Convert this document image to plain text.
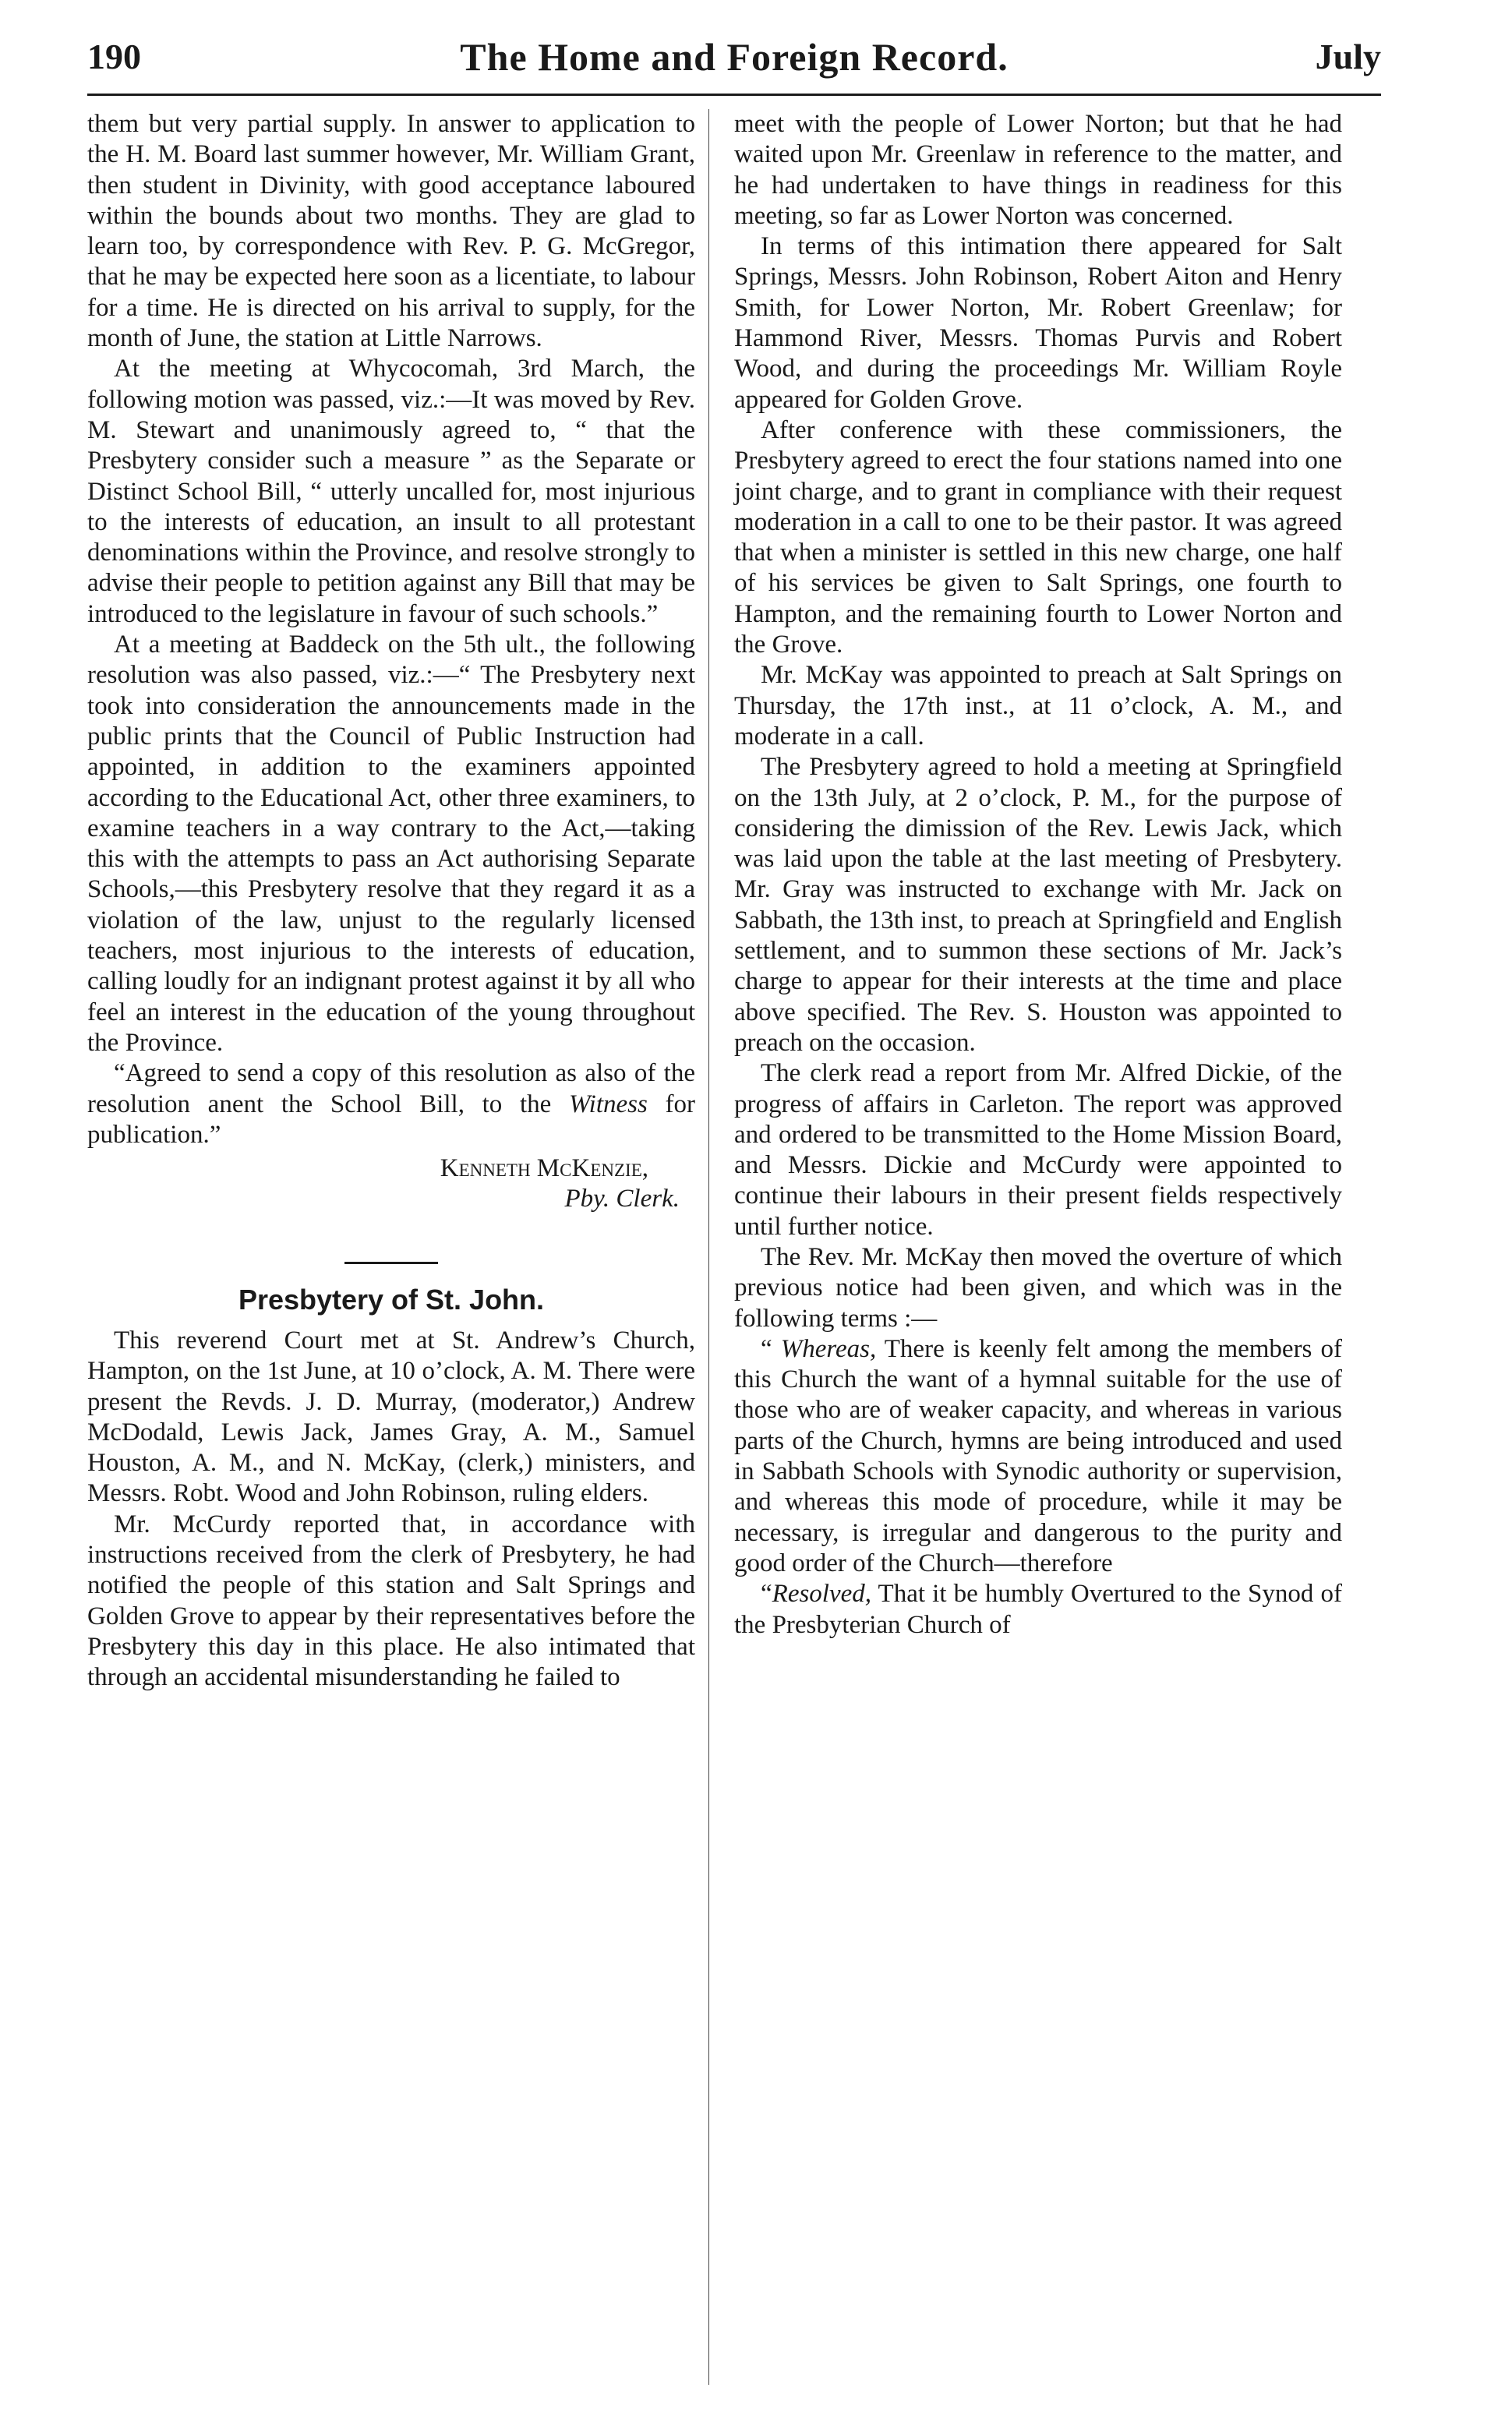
190	The Home and Foreign Record.	July

them but very partial supply. In answer to application to the H. M. Board last summer however, Mr. William Grant, then student in Divinity, with good acceptance laboured within the bounds about two months. They are glad to learn too, by correspondence with Rev. P. G. McGregor, that he may be expected here soon as a licentiate, to labour for a time. He is directed on his arrival to supply, for the month of June, the station at Little Narrows.

At the meeting at Whycocomah, 3rd March, the following motion was passed, viz.:—It was moved by Rev. M. Stewart and unanimously agreed to, “ that the Presbytery consider such a measure ” as the Separate or Distinct School Bill, “ utterly uncalled for, most injurious to the interests of education, an insult to all protestant denominations within the Province, and resolve strongly to advise their people to petition against any Bill that may be introduced to the legislature in favour of such schools.”

At a meeting at Baddeck on the 5th ult., the following resolution was also passed, viz.:—“ The Presbytery next took into consideration the announcements made in the public prints that the Council of Public Instruction had appointed, in addition to the examiners appointed according to the Educational Act, other three examiners, to examine teachers in a way contrary to the Act,—taking this with the attempts to pass an Act authorising Separate Schools,—this Presbytery resolve that they regard it as a violation of the law, unjust to the regularly licensed teachers, most injurious to the interests of education, calling loudly for an indignant protest against it by all who feel an interest in the education of the young throughout the Province.

“Agreed to send a copy of this resolution as also of the resolution anent the School Bill, to the Witness for publication.”

Kenneth McKenzie,
Pby. Clerk.
Presbytery of St. John.

This reverend Court met at St. Andrew’s Church, Hampton, on the 1st June, at 10 o’clock, A. M. There were present the Revds. J. D. Murray, (moderator,) Andrew McDodald, Lewis Jack, James Gray, A. M., Samuel Houston, A. M., and N. McKay, (clerk,) ministers, and Messrs. Robt. Wood and John Robinson, ruling elders.

Mr. McCurdy reported that, in accordance with instructions received from the clerk of Presbytery, he had notified the people of this station and Salt Springs and Golden Grove to appear by their representatives before the Presbytery this day in this place. He also intimated that through an accidental misunderstanding he failed to

meet with the people of Lower Norton; but that he had waited upon Mr. Greenlaw in reference to the matter, and he had undertaken to have things in readiness for this meeting, so far as Lower Norton was concerned.

In terms of this intimation there appeared for Salt Springs, Messrs. John Robinson, Robert Aiton and Henry Smith, for Lower Norton, Mr. Robert Greenlaw; for Hammond River, Messrs. Thomas Purvis and Robert Wood, and during the proceedings Mr. William Royle appeared for Golden Grove.

After conference with these commissioners, the Presbytery agreed to erect the four stations named into one joint charge, and to grant in compliance with their request moderation in a call to one to be their pastor. It was agreed that when a minister is settled in this new charge, one half of his services be given to Salt Springs, one fourth to Hampton, and the remaining fourth to Lower Norton and the Grove.

Mr. McKay was appointed to preach at Salt Springs on Thursday, the 17th inst., at 11 o’clock, A. M., and moderate in a call.

The Presbytery agreed to hold a meeting at Springfield on the 13th July, at 2 o’clock, P. M., for the purpose of considering the dimission of the Rev. Lewis Jack, which was laid upon the table at the last meeting of Presbytery. Mr. Gray was instructed to exchange with Mr. Jack on Sabbath, the 13th inst, to preach at Springfield and English settlement, and to summon these sections of Mr. Jack’s charge to appear for their interests at the time and place above specified. The Rev. S. Houston was appointed to preach on the occasion.

The clerk read a report from Mr. Alfred Dickie, of the progress of affairs in Carleton. The report was approved and ordered to be transmitted to the Home Mission Board, and Messrs. Dickie and McCurdy were appointed to continue their labours in their present fields respectively until further notice.

The Rev. Mr. McKay then moved the overture of which previous notice had been given, and which was in the following terms :—

“ Whereas, There is keenly felt among the members of this Church the want of a hymnal suitable for the use of those who are of weaker capacity, and whereas in various parts of the Church, hymns are being introduced and used in Sabbath Schools with Synodic authority or supervision, and whereas this mode of procedure, while it may be necessary, is irregular and dangerous to the purity and good order of the Church—therefore

“Resolved, That it be humbly Overtured to the Synod of the Presbyterian Church of
